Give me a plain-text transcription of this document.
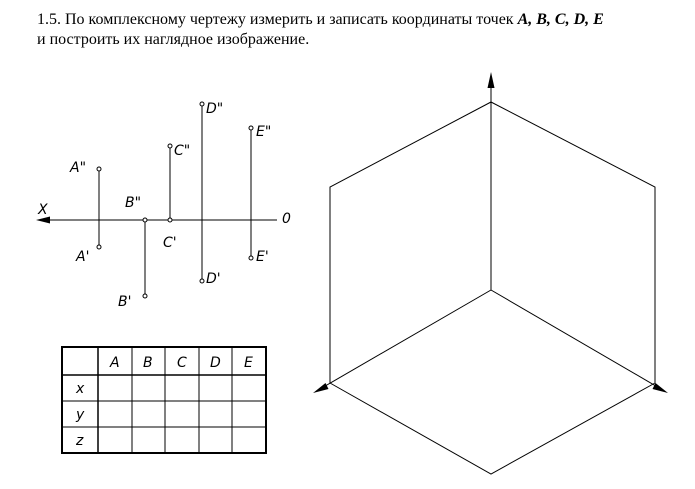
1.5. По комплексному чертежу измерить и записать координаты точек A, B, C, D, E
и построить их наглядное изображение.
X
0
A"
A'
B"
B'
C"
C'
D"
D'
E"
E'
A B C D E
x
y
z
